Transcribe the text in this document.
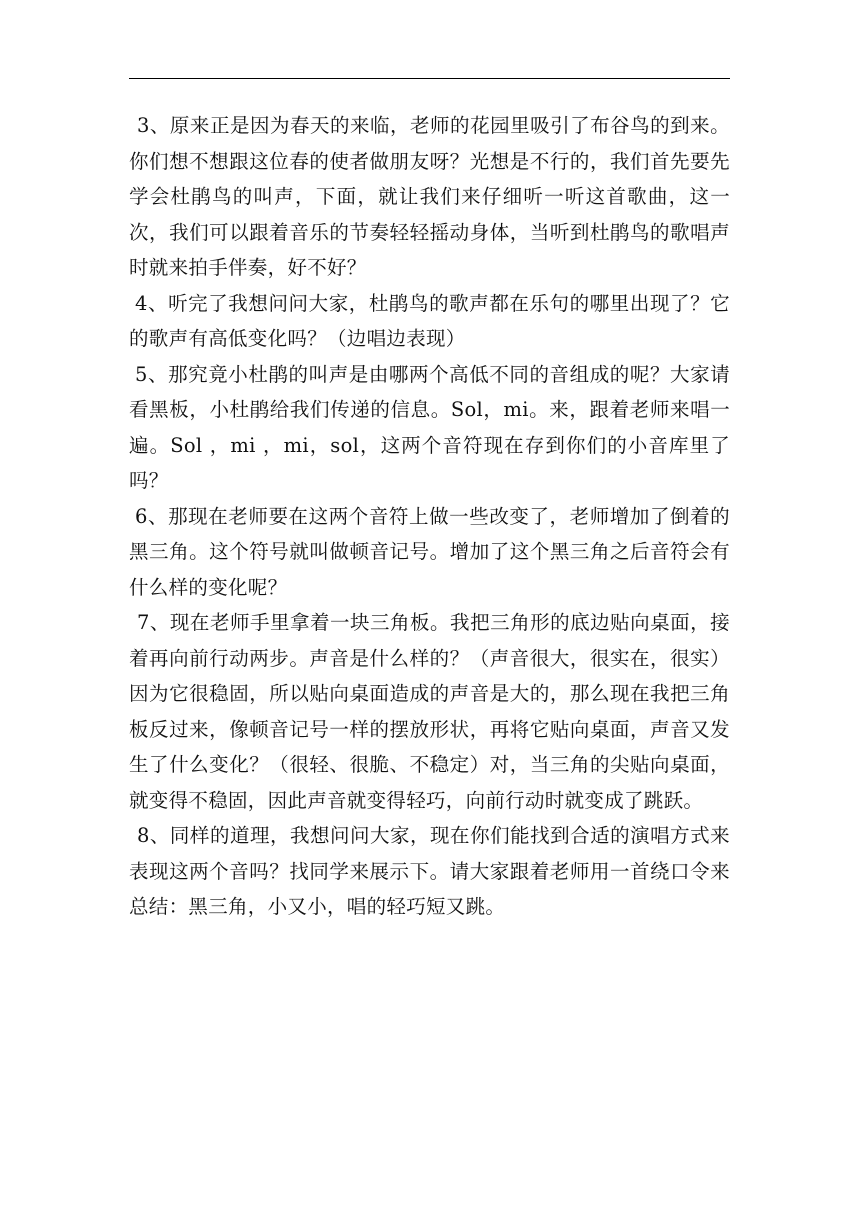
3、原来正是因为春天的来临，老师的花园里吸引了布谷鸟的到来。你们想不想跟这位春的使者做朋友呀？光想是不行的，我们首先要先学会杜鹃鸟的叫声，下面，就让我们来仔细听一听这首歌曲，这一次，我们可以跟着音乐的节奏轻轻摇动身体，当听到杜鹃鸟的歌唱声时就来拍手伴奏，好不好？

4、听完了我想问问大家，杜鹃鸟的歌声都在乐句的哪里出现了？它的歌声有高低变化吗？（边唱边表现）

5、那究竟小杜鹃的叫声是由哪两个高低不同的音组成的呢？大家请看黑板，小杜鹃给我们传递的信息。Sol，mi。来，跟着老师来唱一遍。Sol ，mi ，mi，sol，这两个音符现在存到你们的小音库里了吗？

6、那现在老师要在这两个音符上做一些改变了，老师增加了倒着的黑三角。这个符号就叫做顿音记号。增加了这个黑三角之后音符会有什么样的变化呢？

7、现在老师手里拿着一块三角板。我把三角形的底边贴向桌面，接着再向前行动两步。声音是什么样的？（声音很大，很实在，很实）因为它很稳固，所以贴向桌面造成的声音是大的，那么现在我把三角板反过来，像顿音记号一样的摆放形状，再将它贴向桌面，声音又发生了什么变化？（很轻、很脆、不稳定）对，当三角的尖贴向桌面，就变得不稳固，因此声音就变得轻巧，向前行动时就变成了跳跃。

8、同样的道理，我想问问大家，现在你们能找到合适的演唱方式来表现这两个音吗？找同学来展示下。请大家跟着老师用一首绕口令来总结：黑三角，小又小，唱的轻巧短又跳。
